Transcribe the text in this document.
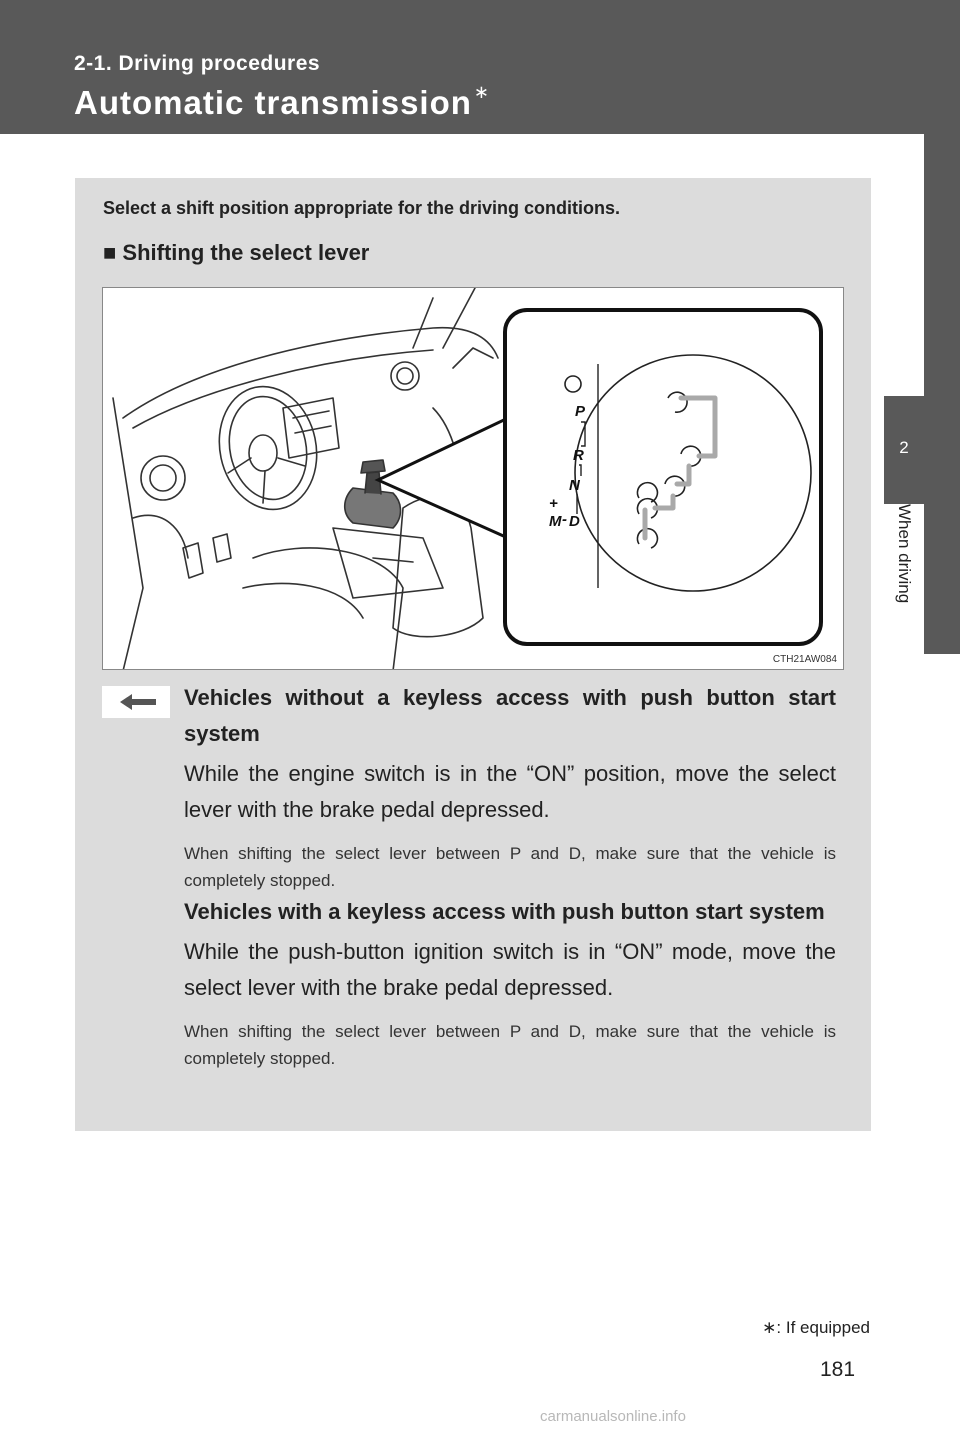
2-1. Driving procedures
Automatic transmission ∗
2
When driving
Select a shift position appropriate for the driving conditions.
■ Shifting the select lever
P
R
N
D
M
+
-
CTH21AW084
Vehicles without a keyless access with push button start system
While the engine switch is in the “ON” position, move the select lever with the brake pedal depressed.
When shifting the select lever between P and D, make sure that the vehicle is completely stopped.
Vehicles with a keyless access with push button start system
While the push-button ignition switch is in “ON” mode, move the select lever with the brake pedal depressed.
When shifting the select lever between P and D, make sure that the vehicle is completely stopped.
∗: If equipped
181
carmanualsonline.info
